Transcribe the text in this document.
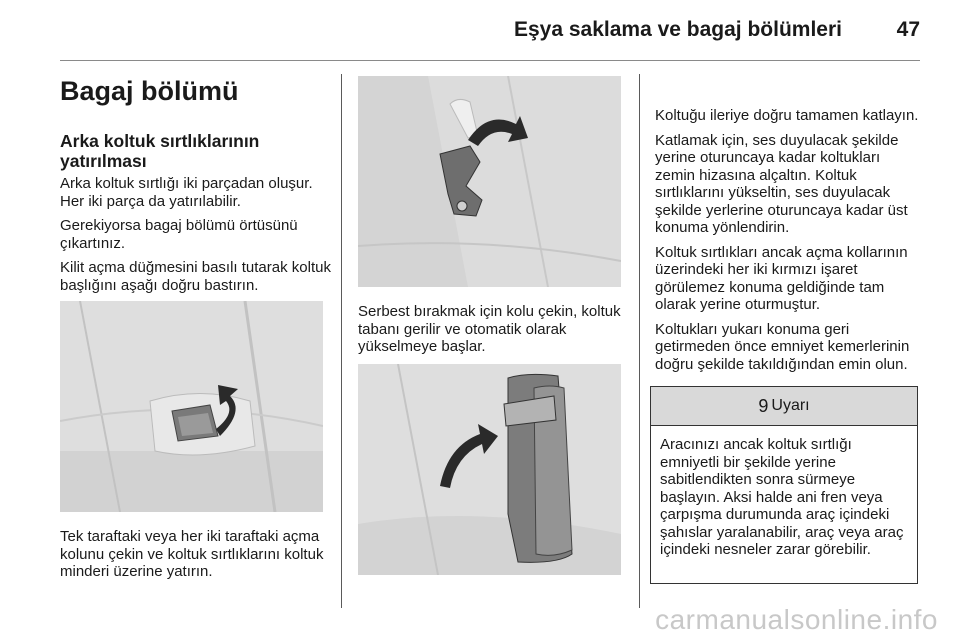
Eşya saklama ve bagaj bölümleri	47
Bagaj bölümü
Arka koltuk sırtlıklarının yatırılması

Arka koltuk sırtlığı iki parçadan oluşur. Her iki parça da yatırılabilir.

Gerekiyorsa bagaj bölümü örtüsünü çıkartınız.

Kilit açma düğmesini basılı tutarak koltuk başlığını aşağı doğru bastırın.

Tek taraftaki veya her iki taraftaki açma kolunu çekin ve koltuk sırtlıklarını koltuk minderi üzerine yatırın.

Serbest bırakmak için kolu çekin, koltuk tabanı gerilir ve otomatik olarak yükselmeye başlar.

Koltuğu ileriye doğru tamamen katlayın.

Katlamak için, ses duyulacak şekilde yerine oturuncaya kadar koltukları zemin hizasına alçaltın. Koltuk sırtlıklarını yükseltin, ses duyulacak şekilde yerlerine oturuncaya kadar üst konuma yönlendirin.

Koltuk sırtlıkları ancak açma kollarının üzerindeki her iki kırmızı işaret görülemez konuma geldiğinde tam olarak yerine oturmuştur.

Koltukları yukarı konuma geri getirmeden önce emniyet kemerlerinin doğru şekilde takıldığından emin olun.

9 Uyarı
Aracınızı ancak koltuk sırtlığı emniyetli bir şekilde yerine sabitlendikten sonra sürmeye başlayın. Aksi halde ani fren veya çarpışma durumunda araç içindeki şahıslar yaralanabilir, araç veya araç içindeki nesneler zarar görebilir.
carmanualsonline.info
